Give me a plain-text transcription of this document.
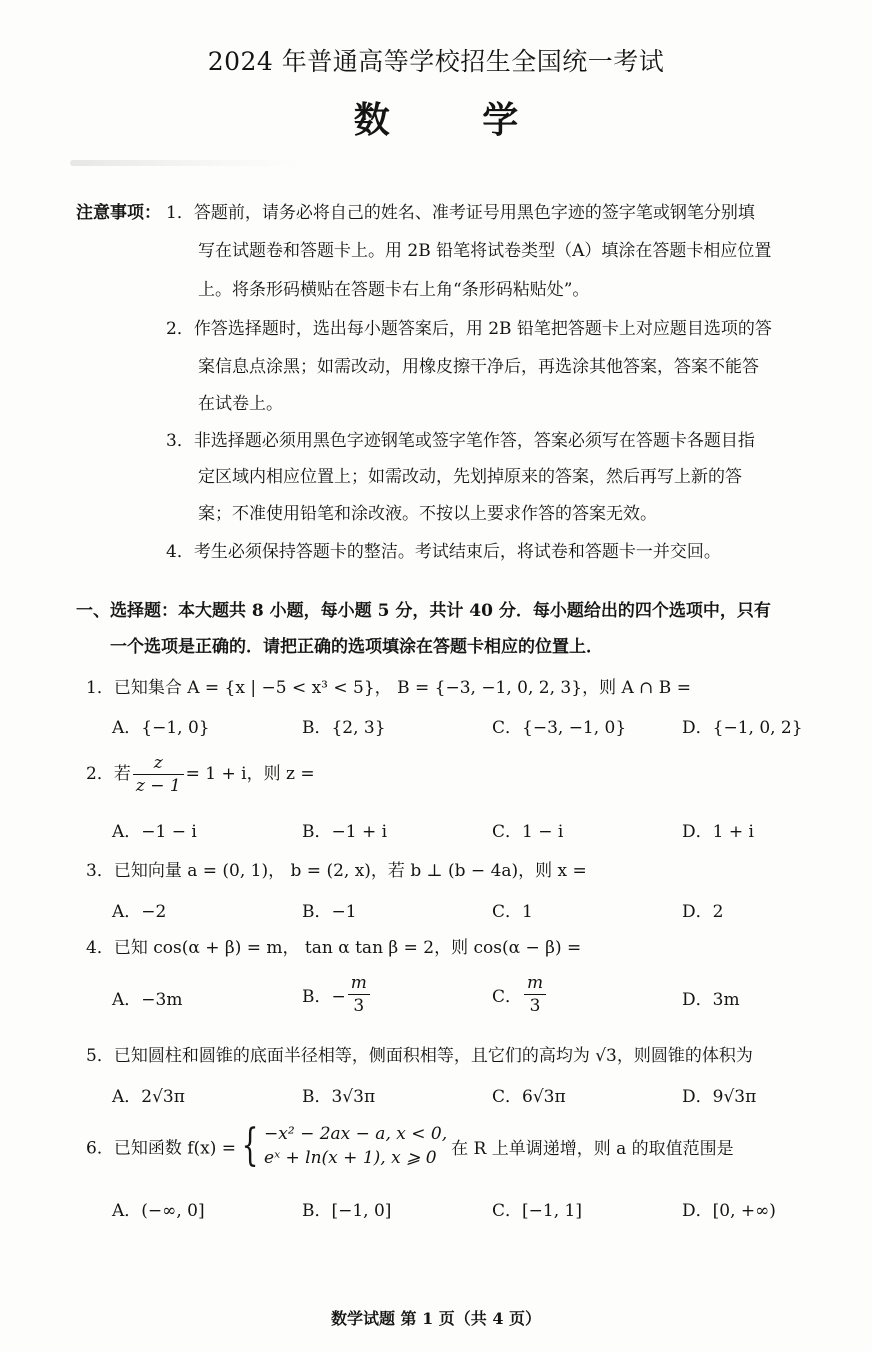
2024 年普通高等学校招生全国统一考试
数 学
注意事项： 1．答题前，请务必将自己的姓名、准考证号用黑色字迹的签字笔或钢笔分别填
写在试题卷和答题卡上。用 2B 铅笔将试卷类型（A）填涂在答题卡相应位置
上。将条形码横贴在答题卡右上角“条形码粘贴处”。
2．作答选择题时，选出每小题答案后，用 2B 铅笔把答题卡上对应题目选项的答
案信息点涂黑；如需改动，用橡皮擦干净后，再选涂其他答案，答案不能答
在试卷上。
3．非选择题必须用黑色字迹钢笔或签字笔作答，答案必须写在答题卡各题目指
定区域内相应位置上；如需改动，先划掉原来的答案，然后再写上新的答
案；不准使用铅笔和涂改液。不按以上要求作答的答案无效。
4．考生必须保持答题卡的整洁。考试结束后，将试卷和答题卡一并交回。
一、选择题：本大题共 8 小题，每小题 5 分，共计 40 分．每小题给出的四个选项中，只有
一个选项是正确的．请把正确的选项填涂在答题卡相应的位置上．
1．已知集合 A = {x | −5 < x³ < 5}， B = {−3, −1, 0, 2, 3}，则 A ∩ B =
A．{−1, 0}	B．{2, 3}	C．{−3, −1, 0}	D．{−1, 0, 2}
2．若 $\frac{z}{z - 1} = 1 + i$，则 z =
A．−1 − i	B．−1 + i	C．1 − i	D．1 + i
3．已知向量 a = (0, 1)， b = (2, x)，若 b ⊥ (b − 4a)，则 x =
A．−2	B．−1	C．1	D．2
4．已知 cos(α + β) = m， tan α tan β = 2，则 cos(α − β) =
A．−3m	B．− $\frac{m}{3}$	C． $\frac{m}{3}$	D．3m
5．已知圆柱和圆锥的底面半径相等，侧面积相等，且它们的高均为 √3，则圆锥的体积为
A．2√3π	B．3√3π	C．6√3π	D．9√3π
6．已知函数 f(x) = { −x² − 2ax − a, x < 0,
eˣ + ln(x + 1), x ⩾ 0 在 R 上单调递增，则 a 的取值范围是
A．(−∞, 0]	B．[−1, 0]	C．[−1, 1]	D．[0, +∞)
数学试题 第 1 页（共 4 页）
